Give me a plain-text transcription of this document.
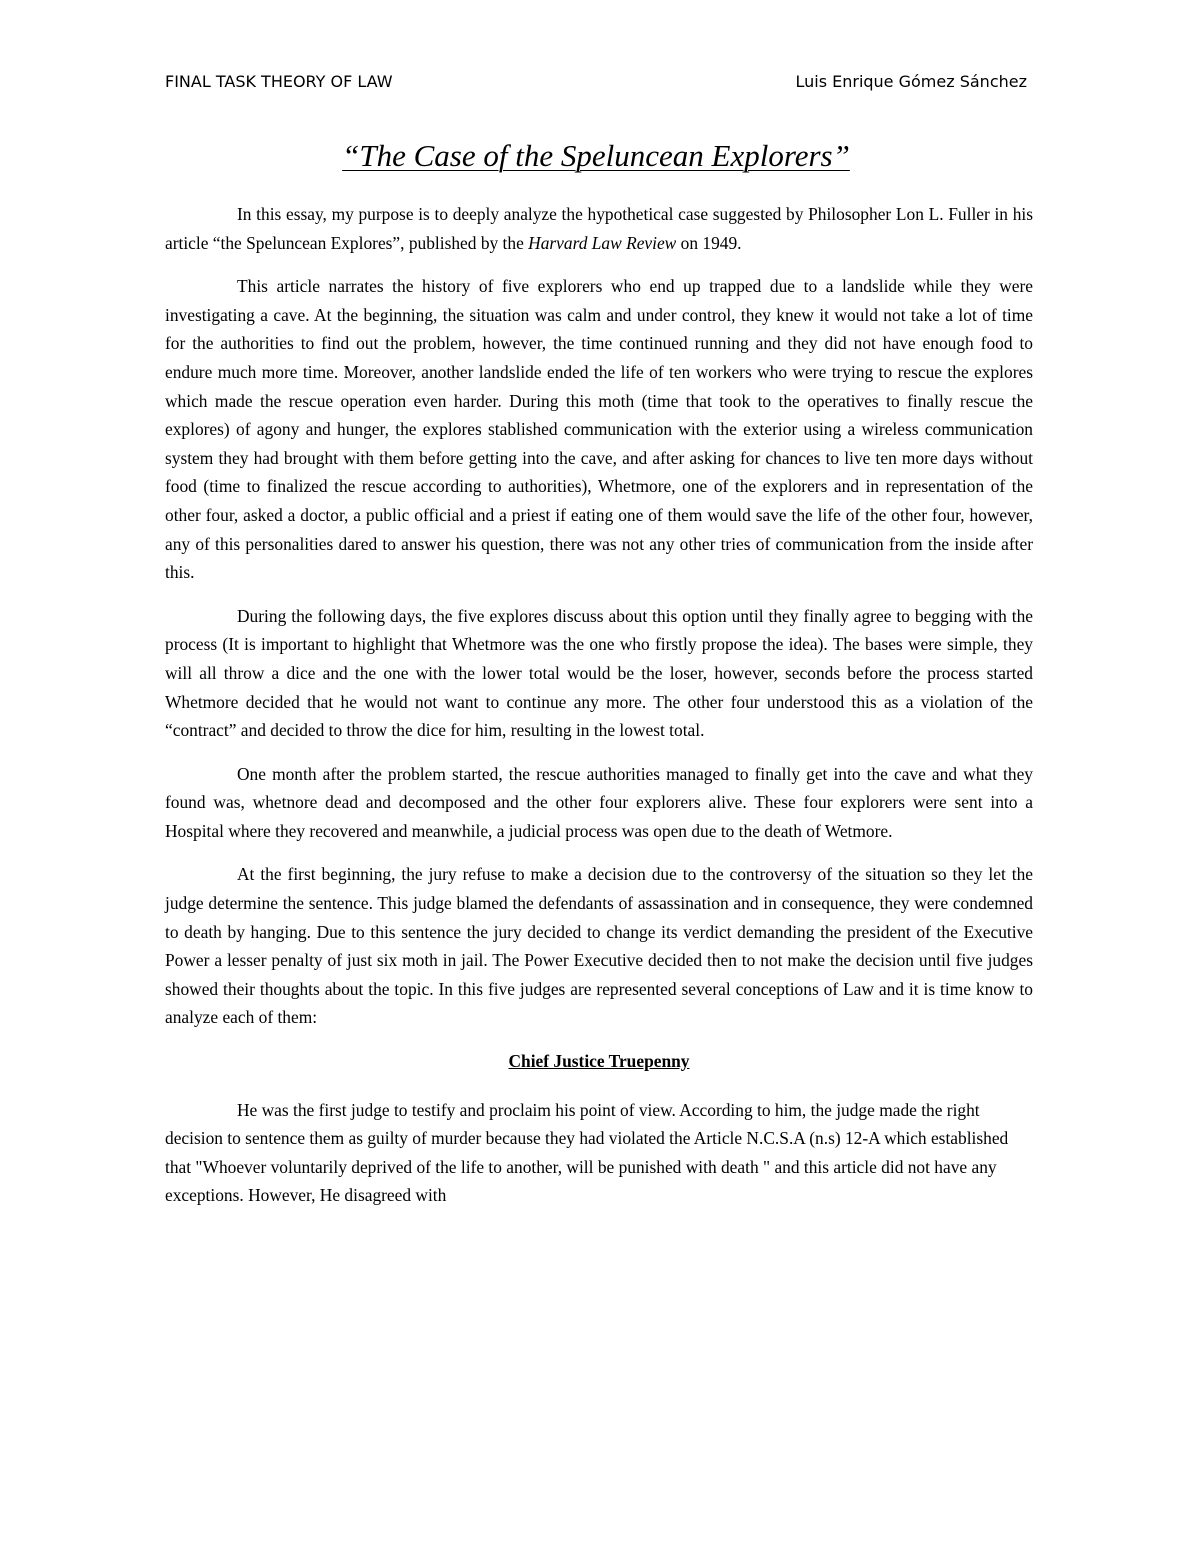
FINAL TASK THEORY OF LAW	Luis Enrique Gómez Sánchez
“The Case of the Speluncean Explorers”

In this essay, my purpose is to deeply analyze the hypothetical case suggested by Philosopher Lon L. Fuller in his article “the Speluncean Explores”, published by the Harvard Law Review on 1949.

This article narrates the history of five explorers who end up trapped due to a landslide while they were investigating a cave. At the beginning, the situation was calm and under control, they knew it would not take a lot of time for the authorities to find out the problem, however, the time continued running and they did not have enough food to endure much more time. Moreover, another landslide ended the life of ten workers who were trying to rescue the explores which made the rescue operation even harder. During this moth (time that took to the operatives to finally rescue the explores) of agony and hunger, the explores stablished communication with the exterior using a wireless communication system they had brought with them before getting into the cave, and after asking for chances to live ten more days without food (time to finalized the rescue according to authorities), Whetmore, one of the explorers and in representation of the other four, asked a doctor, a public official and a priest if eating one of them would save the life of the other four, however, any of this personalities dared to answer his question, there was not any other tries of communication from the inside after this.

During the following days, the five explores discuss about this option until they finally agree to begging with the process (It is important to highlight that Whetmore was the one who firstly propose the idea). The bases were simple, they will all throw a dice and the one with the lower total would be the loser, however, seconds before the process started Whetmore decided that he would not want to continue any more. The other four understood this as a violation of the “contract” and decided to throw the dice for him, resulting in the lowest total.

One month after the problem started, the rescue authorities managed to finally get into the cave and what they found was, whetnore dead and decomposed and the other four explorers alive. These four explorers were sent into a Hospital where they recovered and meanwhile, a judicial process was open due to the death of Wetmore.

At the first beginning, the jury refuse to make a decision due to the controversy of the situation so they let the judge determine the sentence. This judge blamed the defendants of assassination and in consequence, they were condemned to death by hanging. Due to this sentence the jury decided to change its verdict demanding the president of the Executive Power a lesser penalty of just six moth in jail. The Power Executive decided then to not make the decision until five judges showed their thoughts about the topic. In this five judges are represented several conceptions of Law and it is time know to analyze each of them:

Chief Justice Truepenny

He was the first judge to testify and proclaim his point of view. According to him, the judge made the right decision to sentence them as guilty of murder because they had violated the Article N.C.S.A (n.s) 12-A which established that "Whoever voluntarily deprived of the life to another, will be punished with death " and this article did not have any exceptions. However, He disagreed with
